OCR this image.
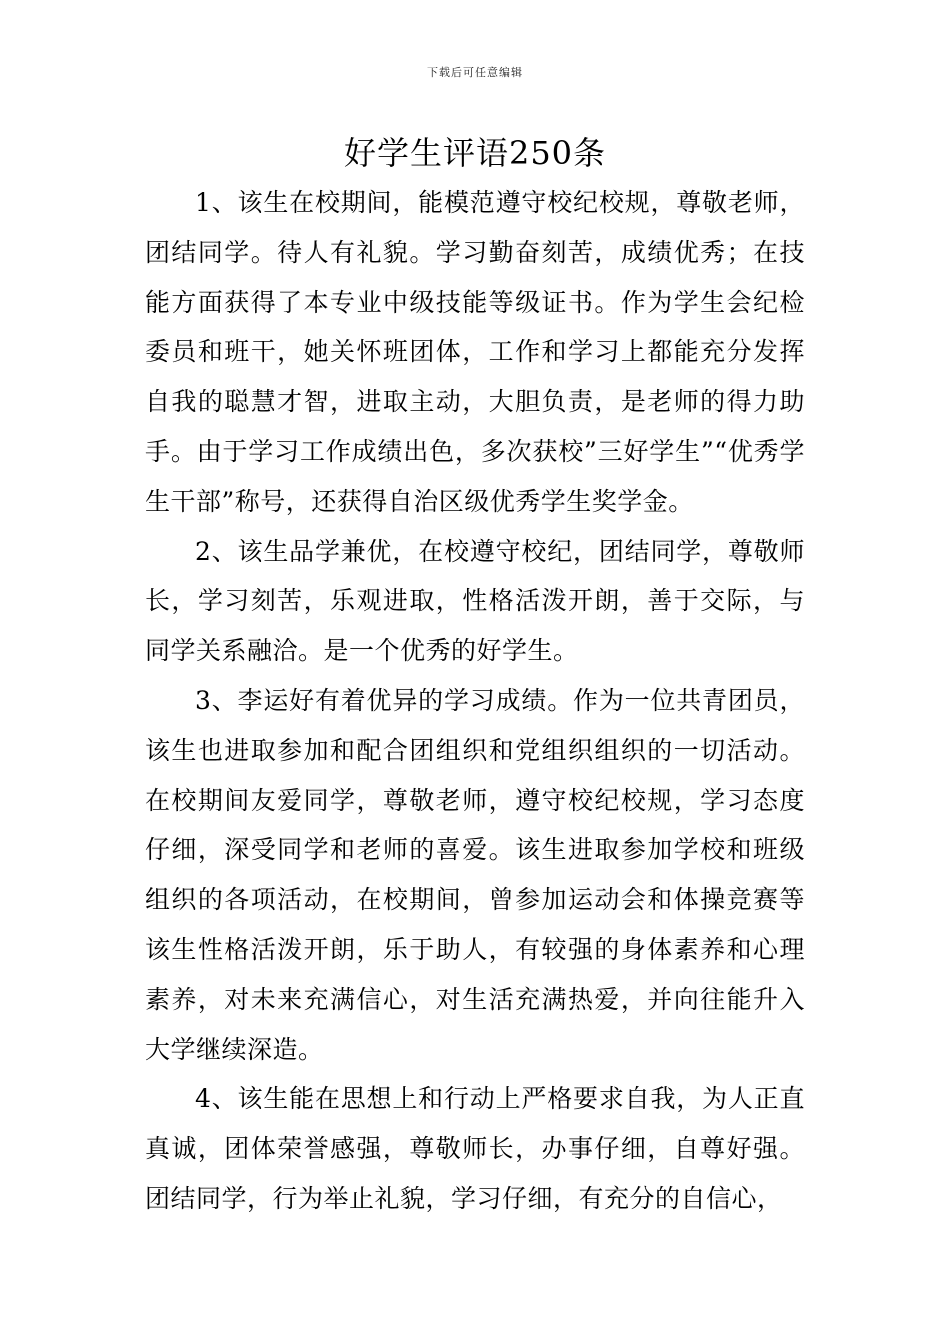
下载后可任意编辑
好学生评语250条

1、该生在校期间，能模范遵守校纪校规，尊敬老师，团结同学。待人有礼貌。学习勤奋刻苦，成绩优秀；在技能方面获得了本专业中级技能等级证书。作为学生会纪检委员和班干，她关怀班团体，工作和学习上都能充分发挥自我的聪慧才智，进取主动，大胆负责，是老师的得力助手。由于学习工作成绩出色，多次获校”三好学生”“优秀学生干部”称号，还获得自治区级优秀学生奖学金。

2、该生品学兼优，在校遵守校纪，团结同学，尊敬师长，学习刻苦，乐观进取，性格活泼开朗，善于交际，与同学关系融洽。是一个优秀的好学生。

3、李运好有着优异的学习成绩。作为一位共青团员，该生也进取参加和配合团组织和党组织组织的一切活动。在校期间友爱同学，尊敬老师，遵守校纪校规，学习态度仔细，深受同学和老师的喜爱。该生进取参加学校和班级组织的各项活动，在校期间，曾参加运动会和体操竞赛等该生性格活泼开朗，乐于助人，有较强的身体素养和心理素养，对未来充满信心，对生活充满热爱，并向往能升入大学继续深造。

4、该生能在思想上和行动上严格要求自我，为人正直真诚，团体荣誉感强，尊敬师长，办事仔细，自尊好强。团结同学，行为举止礼貌，学习仔细，有充分的自信心，
